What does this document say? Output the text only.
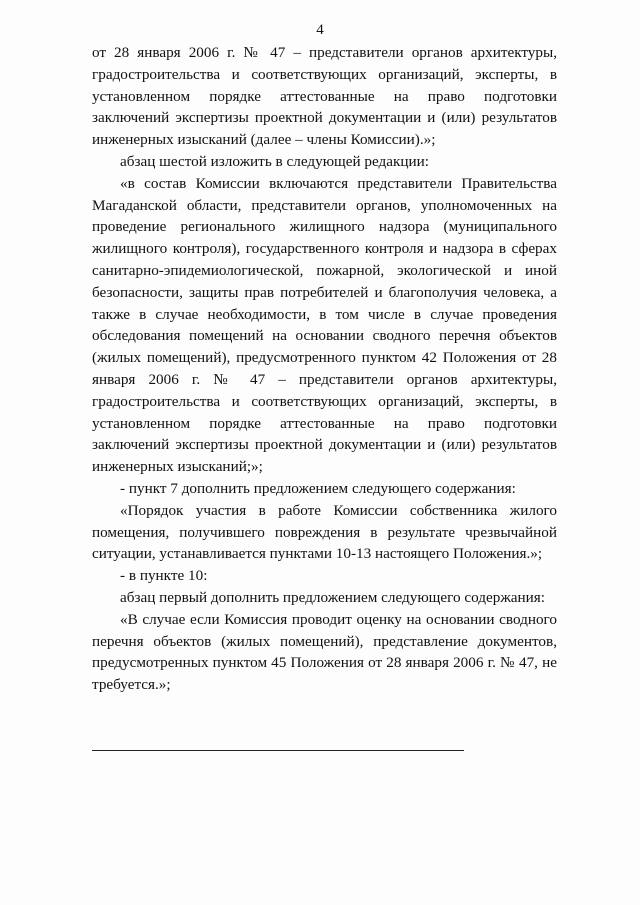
4

от 28 января 2006 г. № 47 – представители органов архитектуры, градостроительства и соответствующих организаций, эксперты, в установленном порядке аттестованные на право подготовки заключений экспертизы проектной документации и (или) результатов инженерных изысканий (далее – члены Комиссии).»;

абзац шестой изложить в следующей редакции:

«в состав Комиссии включаются представители Правительства Магаданской области, представители органов, уполномоченных на проведение регионального жилищного надзора (муниципального жилищного контроля), государственного контроля и надзора в сферах санитарно-эпидемиологической, пожарной, экологической и иной безопасности, защиты прав потребителей и благополучия человека, а также в случае необходимости, в том числе в случае проведения обследования помещений на основании сводного перечня объектов (жилых помещений), предусмотренного пунктом 42 Положения от 28 января 2006 г. № 47 – представители органов архитектуры, градостроительства и соответствующих организаций, эксперты, в установленном порядке аттестованные на право подготовки заключений экспертизы проектной документации и (или) результатов инженерных изысканий;»;

- пункт 7 дополнить предложением следующего содержания:

«Порядок участия в работе Комиссии собственника жилого помещения, получившего повреждения в результате чрезвычайной ситуации, устанавливается пунктами 10-13 настоящего Положения.»;

- в пункте 10:

абзац первый дополнить предложением следующего содержания:

«В случае если Комиссия проводит оценку на основании сводного перечня объектов (жилых помещений), представление документов, предусмотренных пунктом 45 Положения от 28 января 2006 г. № 47, не требуется.»;
